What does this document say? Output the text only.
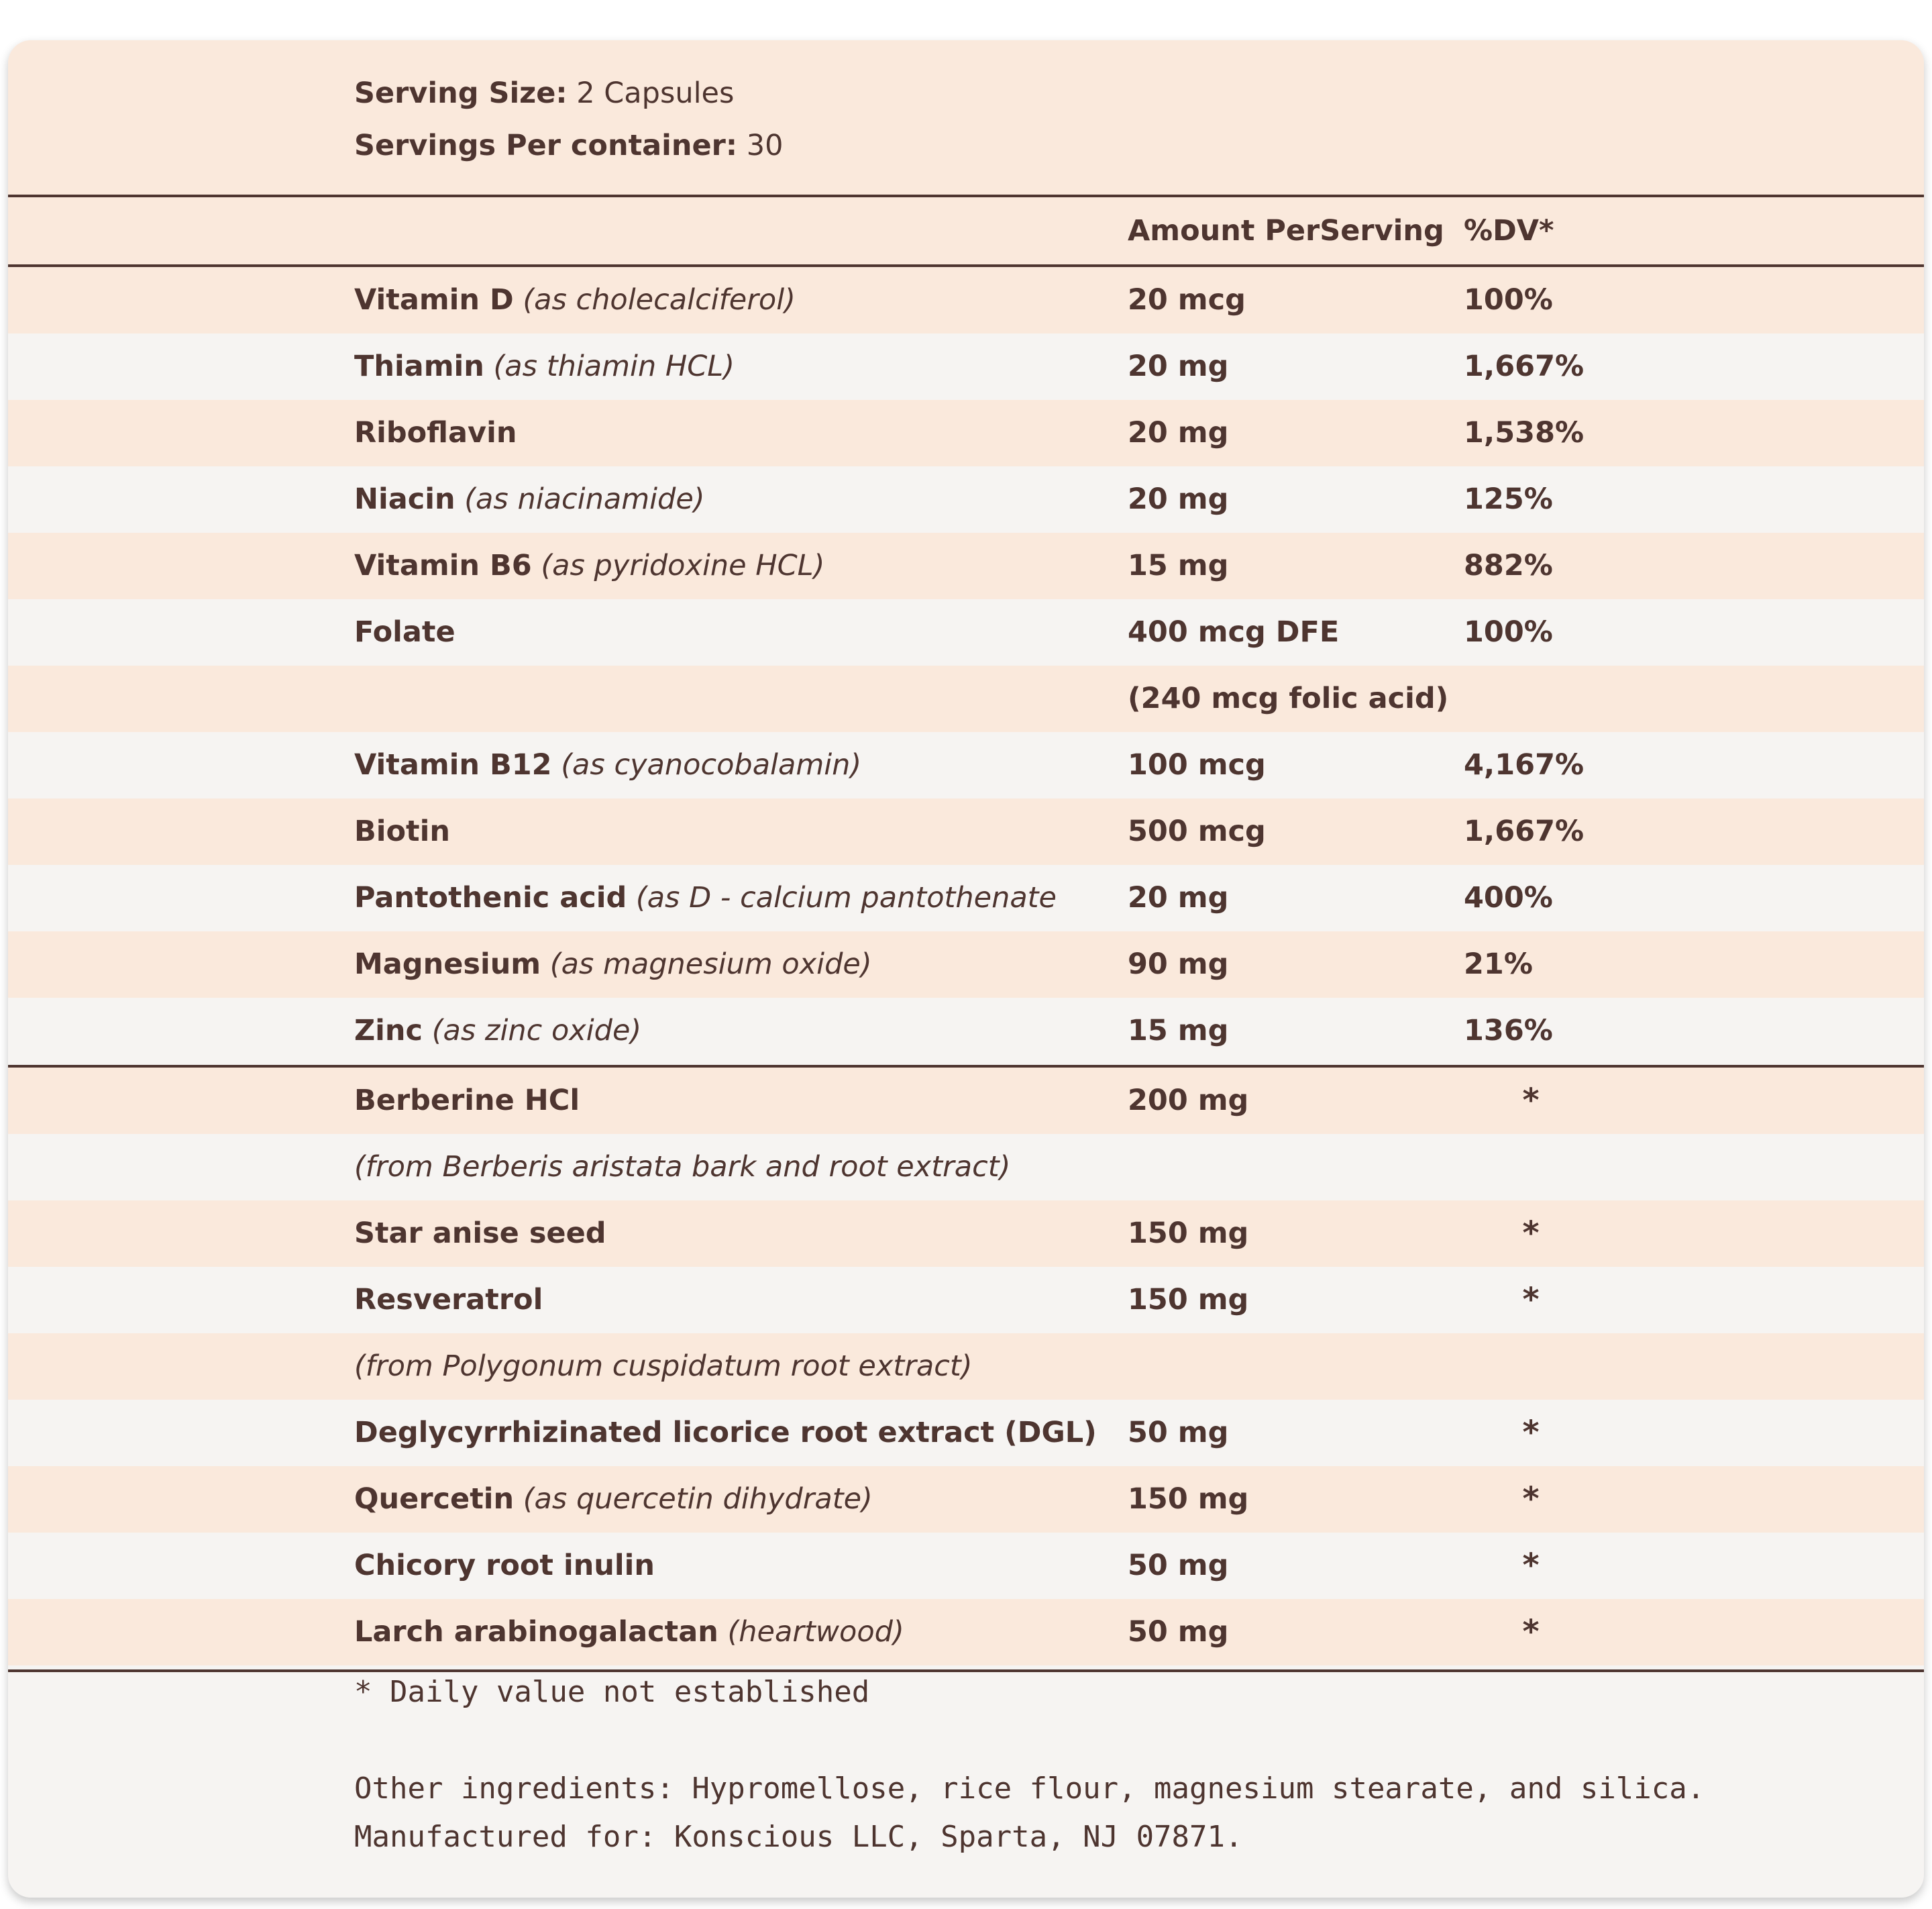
Serving Size: 2 Capsules
Servings Per container: 30
Amount PerServing %DV*
Vitamin D (as cholecalciferol)	20 mcg	100%
Thiamin (as thiamin HCL)	20 mg	1,667%
Riboflavin	20 mg	1,538%
Niacin (as niacinamide)	20 mg	125%
Vitamin B6 (as pyridoxine HCL)	15 mg	882%
Folate	400 mcg DFE	100%
(240 mcg folic acid)
Vitamin B12 (as cyanocobalamin)	100 mcg	4,167%
Biotin	500 mcg	1,667%
Pantothenic acid (as D - calcium pantothenate	20 mg	400%
Magnesium (as magnesium oxide)	90 mg	21%
Zinc (as zinc oxide)	15 mg	136%
Berberine HCl	200 mg	*
(from Berberis aristata bark and root extract)
Star anise seed	150 mg	*
Resveratrol	150 mg	*
(from Polygonum cuspidatum root extract)
Deglycyrrhizinated licorice root extract (DGL)	50 mg	*
Quercetin (as quercetin dihydrate)	150 mg	*
Chicory root inulin	50 mg	*
Larch arabinogalactan (heartwood)	50 mg	*
* Daily value not established
Other ingredients: Hypromellose, rice flour, magnesium stearate, and silica.
Manufactured for: Konscious LLC, Sparta, NJ 07871.
